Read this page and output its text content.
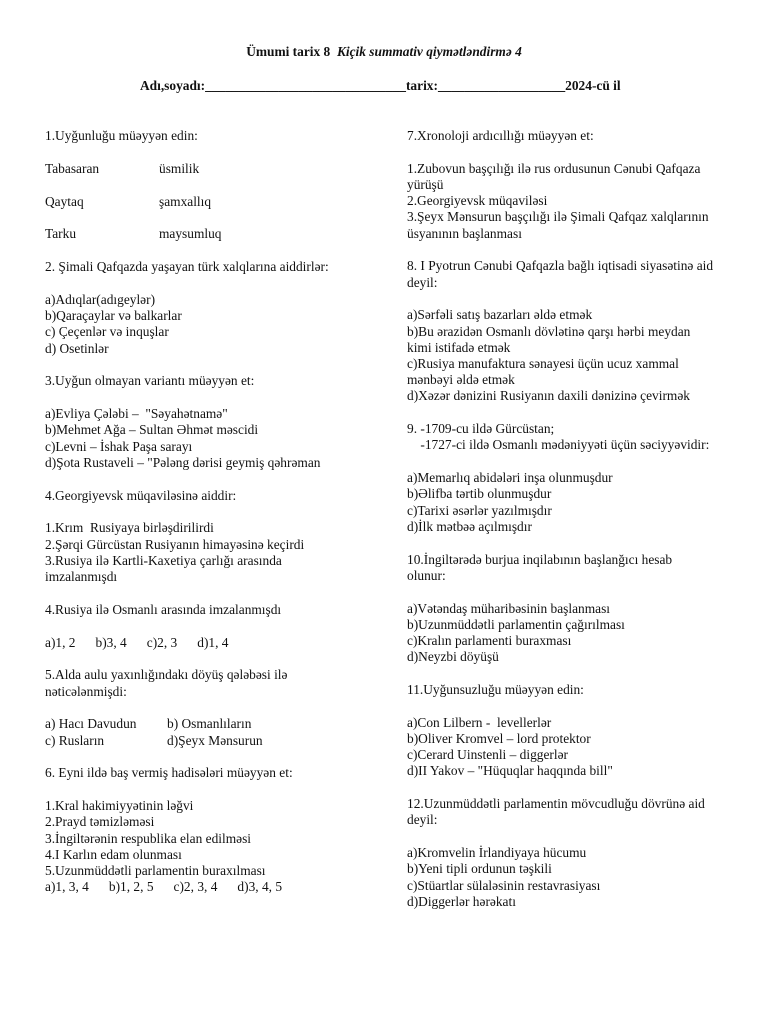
Ümumi tarix 8 Kiçik summativ qiymətləndirmə 4
Adı,soyadı:______________________________tarix:___________________2024-cü il
1.Uyğunluğu müəyyən edin:
Tabasaran	üsmilik
Qaytaq	şamxallıq
Tarku	maysumluq
2. Şimali Qafqazda yaşayan türk xalqlarına aiddirlər:
a)Adıqlar(adıgeylər)
b)Qaraçaylar və balkarlar
c) Çeçenlər və inquşlar
d) Osetinlər
3.Uyğun olmayan variantı müəyyən et:
a)Evliya Çələbi –  "Səyahətnamə"
b)Mehmet Ağa – Sultan Əhmət məscidi
c)Levni – İshak Paşa sarayı
d)Şota Rustaveli – "Pələng dərisi geymiş qəhrəman
4.Georgiyevsk müqaviləsinə aiddir:
1.Krım  Rusiyaya birləşdirilirdi
2.Şərqi Gürcüstan Rusiyanın himayəsinə keçirdi
3.Rusiya ilə Kartli-Kaxetiya çarlığı arasında
imzalanmışdı
4.Rusiya ilə Osmanlı arasında imzalanmışdı
a)1, 2 b)3, 4 c)2, 3 d)1, 4
5.Alda aulu yaxınlığındakı döyüş qələbəsi ilə
nəticələnmişdi:
a) Hacı Davudun	b) Osmanlıların
c) Rusların	d)Şeyx Mənsurun
6. Eyni ildə baş vermiş hadisələri müəyyən et:
1.Kral hakimiyyətinin ləğvi
2.Prayd təmizləməsi
3.İngiltərənin respublika elan edilməsi
4.I Karlın edam olunması
5.Uzunmüddətli parlamentin buraxılması
a)1, 3, 4 b)1, 2, 5 c)2, 3, 4 d)3, 4, 5
7.Xronoloji ardıcıllığı müəyyən et:
1.Zubovun başçılığı ilə rus ordusunun Cənubi Qafqaza
yürüşü
2.Georgiyevsk müqaviləsi
3.Şeyx Mənsurun başçılığı ilə Şimali Qafqaz xalqlarının
üsyanının başlanması
8. I Pyotrun Cənubi Qafqazla bağlı iqtisadi siyasətinə aid
deyil:
a)Sərfəli satış bazarları əldə etmək
b)Bu ərazidən Osmanlı dövlətinə qarşı hərbi meydan
kimi istifadə etmək
c)Rusiya manufaktura sənayesi üçün ucuz xammal
mənbəyi əldə etmək
d)Xəzər dənizini Rusiyanın daxili dənizinə çevirmək
9. -1709-cu ildə Gürcüstan;
-1727-ci ildə Osmanlı mədəniyyəti üçün səciyyəvidir:
a)Memarlıq abidələri inşa olunmuşdur
b)Əlifba tərtib olunmuşdur
c)Tarixi əsərlər yazılmışdır
d)İlk mətbəə açılmışdır
10.İngiltərədə burjua inqilabının başlanğıcı hesab
olunur:
a)Vətəndaş müharibəsinin başlanması
b)Uzunmüddətli parlamentin çağırılması
c)Kralın parlamenti buraxması
d)Neyzbi döyüşü
11.Uyğunsuzluğu müəyyən edin:
a)Con Lilbern -  levellerlər
b)Oliver Kromvel – lord protektor
c)Cerard Uinstenli – diggerlər
d)II Yakov – "Hüquqlar haqqında bill"
12.Uzunmüddətli parlamentin mövcudluğu dövrünə aid
deyil:
a)Kromvelin İrlandiyaya hücumu
b)Yeni tipli ordunun təşkili
c)Stüartlar sülaləsinin restavrasiyası
d)Diggerlər hərəkatı
